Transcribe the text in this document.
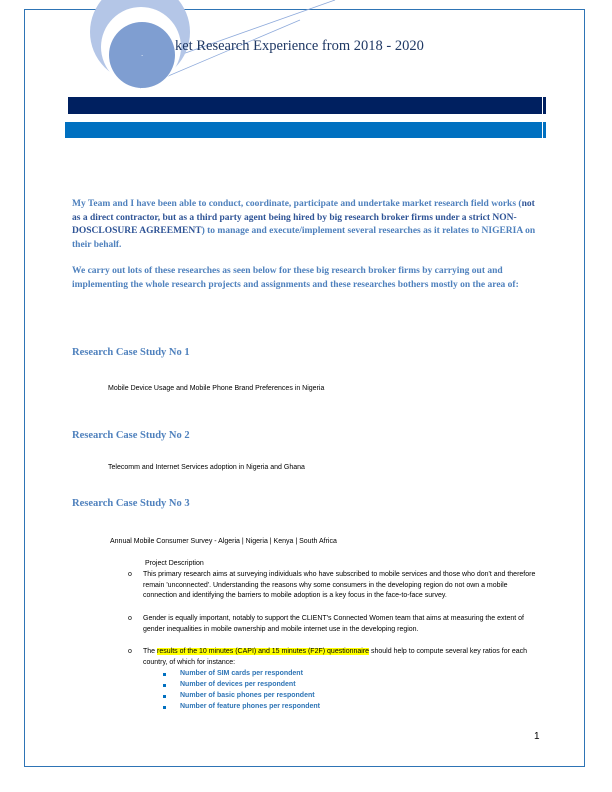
. ket Research Experience from 2018 - 2020
My Team and I have been able to conduct, coordinate, participate and undertake market research field works (not as a direct contractor, but as a third party agent being hired by big research broker firms under a strict NON-DOSCLOSURE AGREEMENT) to manage and execute/implement several researches as it relates to NIGERIA on their behalf.
We carry out lots of these researches as seen below for these big research broker firms by carrying out and implementing the whole research projects and assignments and these researches bothers mostly on the area of:
Research Case Study No 1
Mobile Device Usage and Mobile Phone Brand Preferences in Nigeria
Research Case Study No 2
Telecomm and Internet Services adoption in Nigeria and Ghana
Research Case Study No 3
Annual Mobile Consumer Survey - Algeria | Nigeria | Kenya | South Africa
Project Description
o This primary research aims at surveying individuals who have subscribed to mobile services and those who don't and therefore remain 'unconnected'. Understanding the reasons why some consumers in the developing region do not own a mobile connection and identifying the barriers to mobile adoption is a key focus in the face-to-face survey.
o Gender is equally important, notably to support the CLIENT's Connected Women team that aims at measuring the extent of gender inequalities in mobile ownership and mobile internet use in the developing region.
o The results of the 10 minutes (CAPI) and 15 minutes (F2F) questionnaire should help to compute several key ratios for each country, of which for instance:
Number of SIM cards per respondent
Number of devices per respondent
Number of basic phones per respondent
Number of feature phones per respondent
1
